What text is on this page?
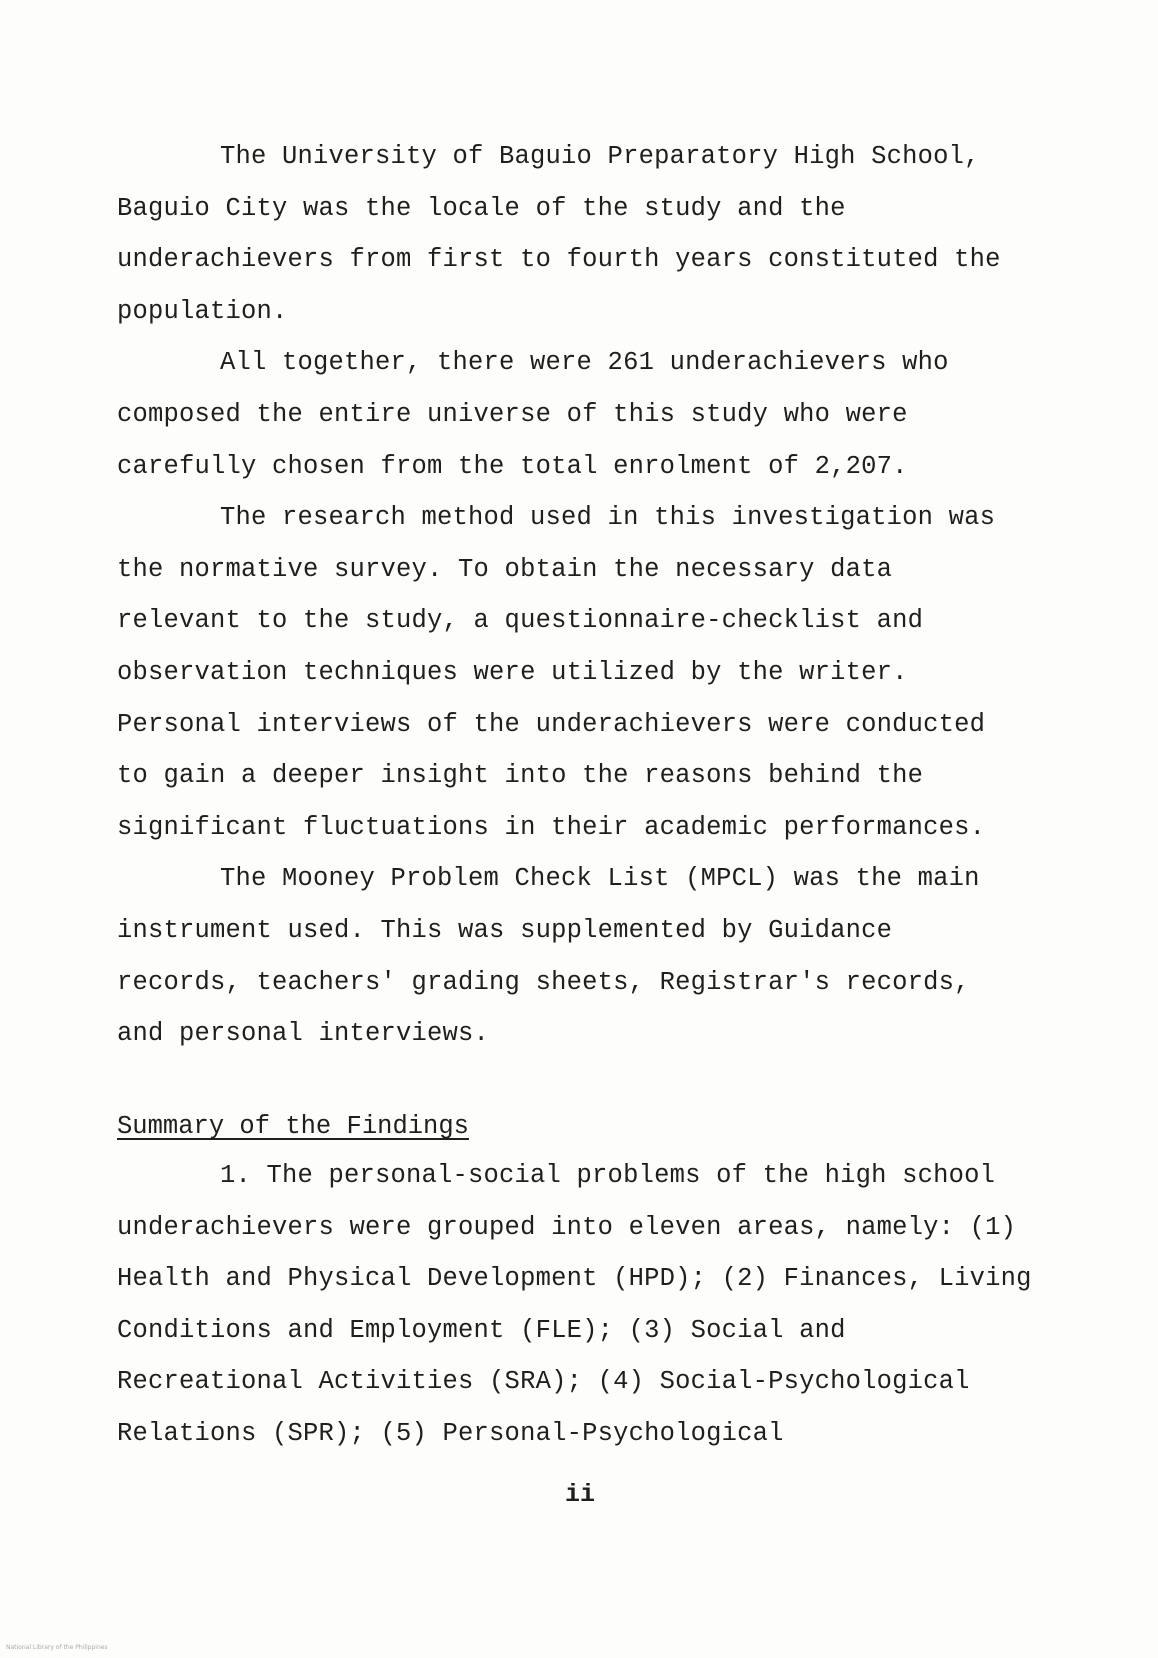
The University of Baguio Preparatory High School, Baguio City was the locale of the study and the underachievers from first to fourth years constituted the population.

All together, there were 261 underachievers who composed the entire universe of this study who were carefully chosen from the total enrolment of 2,207.

The research method used in this investigation was the normative survey. To obtain the necessary data relevant to the study, a questionnaire-checklist and observation techniques were utilized by the writer. Personal interviews of the underachievers were conducted to gain a deeper insight into the reasons behind the significant fluctuations in their academic performances.

The Mooney Problem Check List (MPCL) was the main instrument used. This was supplemented by Guidance records, teachers' grading sheets, Registrar's records, and personal interviews.

Summary of the Findings

1. The personal-social problems of the high school underachievers were grouped into eleven areas, namely: (1) Health and Physical Development (HPD); (2) Finances, Living Conditions and Employment (FLE); (3) Social and Recreational Activities (SRA); (4) Social-Psychological Relations (SPR); (5) Personal-Psychological

ii
National Library of the Philippines
